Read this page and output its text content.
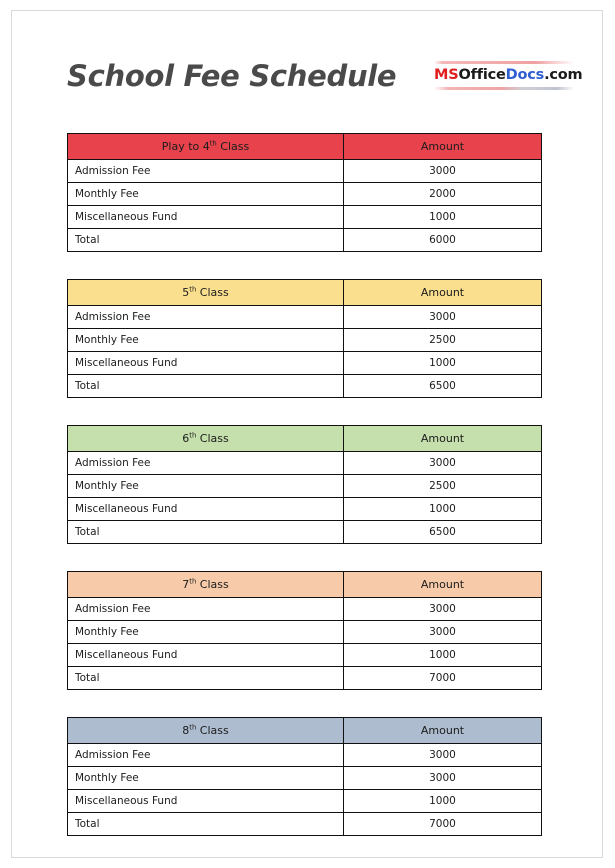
School Fee Schedule	MSOfficeDocs.com
Play to 4th Class	Amount
Admission Fee	3000
Monthly Fee	2000
Miscellaneous Fund	1000
Total	6000
5th Class	Amount
Admission Fee	3000
Monthly Fee	2500
Miscellaneous Fund	1000
Total	6500
6th Class	Amount
Admission Fee	3000
Monthly Fee	2500
Miscellaneous Fund	1000
Total	6500
7th Class	Amount
Admission Fee	3000
Monthly Fee	3000
Miscellaneous Fund	1000
Total	7000
8th Class	Amount
Admission Fee	3000
Monthly Fee	3000
Miscellaneous Fund	1000
Total	7000
